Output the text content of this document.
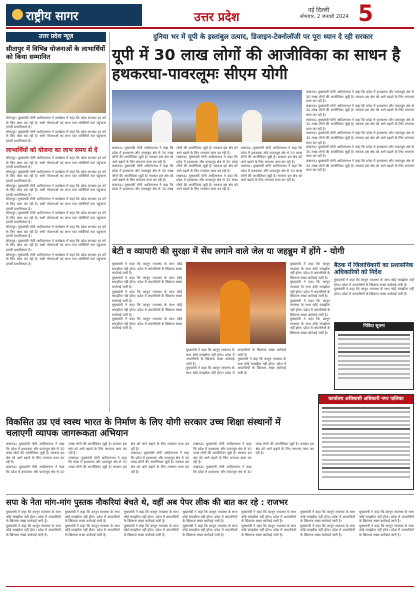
राष्ट्रीय सागर	उत्तर प्रदेश	नई दिल्ली
सोमवार, 2 जनवरी 2024 5
उत्तर प्रदेश न्यूज़
सीतापुर में विभिन्न योजनाओं के लाभार्थियों को किया सम्मानित

सीतापुर। मुख्यमंत्री योगी आदित्यनाथ ने कार्यक्रम में कहा कि प्रदेश सरकार हर वर्ग के लिए काम कर रही है। सभी योजनाओं का लाभ पात्र व्यक्तियों तक पहुंचाना हमारी प्राथमिकता है।

सीतापुर। मुख्यमंत्री योगी आदित्यनाथ ने कार्यक्रम में कहा कि प्रदेश सरकार हर वर्ग के लिए काम कर रही है। सभी योजनाओं का लाभ पात्र व्यक्तियों तक पहुंचाना हमारी प्राथमिकता है।

लाभार्थियों को योजना का लाभ समय से दें

सीतापुर। मुख्यमंत्री योगी आदित्यनाथ ने कार्यक्रम में कहा कि प्रदेश सरकार हर वर्ग के लिए काम कर रही है। सभी योजनाओं का लाभ पात्र व्यक्तियों तक पहुंचाना हमारी प्राथमिकता है।

सीतापुर। मुख्यमंत्री योगी आदित्यनाथ ने कार्यक्रम में कहा कि प्रदेश सरकार हर वर्ग के लिए काम कर रही है। सभी योजनाओं का लाभ पात्र व्यक्तियों तक पहुंचाना हमारी प्राथमिकता है।

सीतापुर। मुख्यमंत्री योगी आदित्यनाथ ने कार्यक्रम में कहा कि प्रदेश सरकार हर वर्ग के लिए काम कर रही है। सभी योजनाओं का लाभ पात्र व्यक्तियों तक पहुंचाना हमारी प्राथमिकता है।

सीतापुर। मुख्यमंत्री योगी आदित्यनाथ ने कार्यक्रम में कहा कि प्रदेश सरकार हर वर्ग के लिए काम कर रही है। सभी योजनाओं का लाभ पात्र व्यक्तियों तक पहुंचाना हमारी प्राथमिकता है।

सीतापुर। मुख्यमंत्री योगी आदित्यनाथ ने कार्यक्रम में कहा कि प्रदेश सरकार हर वर्ग के लिए काम कर रही है। सभी योजनाओं का लाभ पात्र व्यक्तियों तक पहुंचाना हमारी प्राथमिकता है।

सीतापुर। मुख्यमंत्री योगी आदित्यनाथ ने कार्यक्रम में कहा कि प्रदेश सरकार हर वर्ग के लिए काम कर रही है। सभी योजनाओं का लाभ पात्र व्यक्तियों तक पहुंचाना हमारी प्राथमिकता है।

सीतापुर। मुख्यमंत्री योगी आदित्यनाथ ने कार्यक्रम में कहा कि प्रदेश सरकार हर वर्ग के लिए काम कर रही है। सभी योजनाओं का लाभ पात्र व्यक्तियों तक पहुंचाना हमारी प्राथमिकता है।

सीतापुर। मुख्यमंत्री योगी आदित्यनाथ ने कार्यक्रम में कहा कि प्रदेश सरकार हर वर्ग के लिए काम कर रही है। सभी योजनाओं का लाभ पात्र व्यक्तियों तक पहुंचाना हमारी प्राथमिकता है।

दुनिया भर में यूपी के इस्तांबुल उत्पाद, डिजाइन-टेक्नोलॉजी पर पूरा ध्यान दे रही सरकार
यूपी में 30 लाख लोगों की आजीविका का साधन है हथकरघा-पावरलूमः सीएम योगी

लखनऊ। मुख्यमंत्री योगी आदित्यनाथ ने कहा कि प्रदेश में हथकरघा और पावरलूम क्षेत्र से 30 लाख लोगों की आजीविका जुड़ी है। सरकार इस क्षेत्र को आगे बढ़ाने के लिए लगातार काम कर रही है।

लखनऊ। मुख्यमंत्री योगी आदित्यनाथ ने कहा कि प्रदेश में हथकरघा और पावरलूम क्षेत्र से 30 लाख लोगों की आजीविका जुड़ी है। सरकार इस क्षेत्र को आगे बढ़ाने के लिए लगातार काम कर रही है।

लखनऊ। मुख्यमंत्री योगी आदित्यनाथ ने कहा कि प्रदेश में हथकरघा और पावरलूम क्षेत्र से 30 लाख लोगों की आजीविका जुड़ी है। सरकार इस क्षेत्र को आगे बढ़ाने के लिए लगातार काम कर रही है।

लखनऊ। मुख्यमंत्री योगी आदित्यनाथ ने कहा कि प्रदेश में हथकरघा और पावरलूम क्षेत्र से 30 लाख लोगों की आजीविका जुड़ी है। सरकार इस क्षेत्र को आगे बढ़ाने के लिए लगातार काम कर रही है।

लखनऊ। मुख्यमंत्री योगी आदित्यनाथ ने कहा कि प्रदेश में हथकरघा और पावरलूम क्षेत्र से 30 लाख लोगों की आजीविका जुड़ी है। सरकार इस क्षेत्र को आगे बढ़ाने के लिए लगातार काम कर रही है।

लखनऊ। मुख्यमंत्री योगी आदित्यनाथ ने कहा कि प्रदेश में हथकरघा और पावरलूम क्षेत्र से 30 लाख लोगों की आजीविका जुड़ी है। सरकार इस क्षेत्र को आगे बढ़ाने के लिए लगातार काम कर रही है।

लखनऊ। मुख्यमंत्री योगी आदित्यनाथ ने कहा कि प्रदेश में हथकरघा और पावरलूम क्षेत्र से 30 लाख लोगों की आजीविका जुड़ी है। सरकार इस क्षेत्र को आगे बढ़ाने के लिए लगातार काम कर रही है।

लखनऊ। मुख्यमंत्री योगी आदित्यनाथ ने कहा कि प्रदेश में हथकरघा और पावरलूम क्षेत्र से 30 लाख लोगों की आजीविका जुड़ी है। सरकार इस क्षेत्र को आगे बढ़ाने के लिए लगातार काम कर रही है।

लखनऊ। मुख्यमंत्री योगी आदित्यनाथ ने कहा कि प्रदेश में हथकरघा और पावरलूम क्षेत्र से 30 लाख लोगों की आजीविका जुड़ी है। सरकार इस क्षेत्र को आगे बढ़ाने के लिए लगातार काम कर रही है।

लखनऊ। मुख्यमंत्री योगी आदित्यनाथ ने कहा कि प्रदेश में हथकरघा और पावरलूम क्षेत्र से 30 लाख लोगों की आजीविका जुड़ी है। सरकार इस क्षेत्र को आगे बढ़ाने के लिए लगातार काम कर रही है।

लखनऊ। मुख्यमंत्री योगी आदित्यनाथ ने कहा कि प्रदेश में हथकरघा और पावरलूम क्षेत्र से 30 लाख लोगों की आजीविका जुड़ी है। सरकार इस क्षेत्र को आगे बढ़ाने के लिए लगातार काम कर रही है।

लखनऊ। मुख्यमंत्री योगी आदित्यनाथ ने कहा कि प्रदेश में हथकरघा और पावरलूम क्षेत्र से 30 लाख लोगों की आजीविका जुड़ी है। सरकार इस क्षेत्र को आगे बढ़ाने के लिए लगातार काम कर रही है।

लखनऊ। मुख्यमंत्री योगी आदित्यनाथ ने कहा कि प्रदेश में हथकरघा और पावरलूम क्षेत्र से 30 लाख लोगों की आजीविका जुड़ी है। सरकार इस क्षेत्र को आगे बढ़ाने के लिए लगातार काम कर रही है।

बेटी व व्यापारी की सुरक्षा में सेंध लगाने वाले जेल या जहन्नुम में होंगे - योगी

मुख्यमंत्री ने कहा कि कानून व्यवस्था के साथ कोई समझौता नहीं होगा। प्रदेश में अपराधियों के खिलाफ सख्त कार्रवाई जारी है।

मुख्यमंत्री ने कहा कि कानून व्यवस्था के साथ कोई समझौता नहीं होगा। प्रदेश में अपराधियों के खिलाफ सख्त कार्रवाई जारी है।

मुख्यमंत्री ने कहा कि कानून व्यवस्था के साथ कोई समझौता नहीं होगा। प्रदेश में अपराधियों के खिलाफ सख्त कार्रवाई जारी है।

मुख्यमंत्री ने कहा कि कानून व्यवस्था के साथ कोई समझौता नहीं होगा। प्रदेश में अपराधियों के खिलाफ सख्त कार्रवाई जारी है।

मुख्यमंत्री ने कहा कि कानून व्यवस्था के साथ कोई समझौता नहीं होगा। प्रदेश में अपराधियों के खिलाफ सख्त कार्रवाई जारी है।

मुख्यमंत्री ने कहा कि कानून व्यवस्था के साथ कोई समझौता नहीं होगा। प्रदेश में अपराधियों के खिलाफ सख्त कार्रवाई जारी है।

मुख्यमंत्री ने कहा कि कानून व्यवस्था के साथ कोई समझौता नहीं होगा। प्रदेश में अपराधियों के खिलाफ सख्त कार्रवाई जारी है।

मुख्यमंत्री ने कहा कि कानून व्यवस्था के साथ कोई समझौता नहीं होगा। प्रदेश में अपराधियों के खिलाफ सख्त कार्रवाई जारी है।

मुख्यमंत्री ने कहा कि कानून व्यवस्था के साथ कोई समझौता नहीं होगा। प्रदेश में अपराधियों के खिलाफ सख्त कार्रवाई जारी है।

मुख्यमंत्री ने कहा कि कानून व्यवस्था के साथ कोई समझौता नहीं होगा। प्रदेश में अपराधियों के खिलाफ सख्त कार्रवाई जारी है।

मुख्यमंत्री ने कहा कि कानून व्यवस्था के साथ कोई समझौता नहीं होगा। प्रदेश में अपराधियों के खिलाफ सख्त कार्रवाई जारी है।

मुख्यमंत्री ने कहा कि कानून व्यवस्था के साथ कोई समझौता नहीं होगा। प्रदेश में अपराधियों के खिलाफ सख्त कार्रवाई जारी है।

बैठक में जिलाधिकारी का प्रशासनिक अधिकारियों को निर्देश

मुख्यमंत्री ने कहा कि कानून व्यवस्था के साथ कोई समझौता नहीं होगा। प्रदेश में अपराधियों के खिलाफ सख्त कार्रवाई जारी है।

मुख्यमंत्री ने कहा कि कानून व्यवस्था के साथ कोई समझौता नहीं होगा। प्रदेश में अपराधियों के खिलाफ सख्त कार्रवाई जारी है।

निविदा सूचना
कार्यालय अधिशासी अधिकारी नगर पालिका
विकसित उप्र एवं स्वस्थ भारत के निर्माण के लिए योगी सरकार उच्च शिक्षा संस्थानों में चलाएगी व्यापक जागरूकता अभियान

लखनऊ। मुख्यमंत्री योगी आदित्यनाथ ने कहा कि प्रदेश में हथकरघा और पावरलूम क्षेत्र से 30 लाख लोगों की आजीविका जुड़ी है। सरकार इस क्षेत्र को आगे बढ़ाने के लिए लगातार काम कर रही है।

लखनऊ। मुख्यमंत्री योगी आदित्यनाथ ने कहा कि प्रदेश में हथकरघा और पावरलूम क्षेत्र से 30 लाख लोगों की आजीविका जुड़ी है। सरकार इस क्षेत्र को आगे बढ़ाने के लिए लगातार काम कर रही है।

लखनऊ। मुख्यमंत्री योगी आदित्यनाथ ने कहा कि प्रदेश में हथकरघा और पावरलूम क्षेत्र से 30 लाख लोगों की आजीविका जुड़ी है। सरकार इस क्षेत्र को आगे बढ़ाने के लिए लगातार काम कर रही है।

लखनऊ। मुख्यमंत्री योगी आदित्यनाथ ने कहा कि प्रदेश में हथकरघा और पावरलूम क्षेत्र से 30 लाख लोगों की आजीविका जुड़ी है। सरकार इस क्षेत्र को आगे बढ़ाने के लिए लगातार काम कर रही है।

लखनऊ। मुख्यमंत्री योगी आदित्यनाथ ने कहा कि प्रदेश में हथकरघा और पावरलूम क्षेत्र से 30 लाख लोगों की आजीविका जुड़ी है। सरकार इस क्षेत्र को आगे बढ़ाने के लिए लगातार काम कर रही है।

लखनऊ। मुख्यमंत्री योगी आदित्यनाथ ने कहा कि प्रदेश में हथकरघा और पावरलूम क्षेत्र से 30 लाख लोगों की आजीविका जुड़ी है। सरकार इस क्षेत्र को आगे बढ़ाने के लिए लगातार काम कर रही है।

सपा के नेता मांग-मांग पुस्तक नौकरियां बेचते थे, वहीं अब पेपर लीक की बात कर रहे : राजभर

मुख्यमंत्री ने कहा कि कानून व्यवस्था के साथ कोई समझौता नहीं होगा। प्रदेश में अपराधियों के खिलाफ सख्त कार्रवाई जारी है।

मुख्यमंत्री ने कहा कि कानून व्यवस्था के साथ कोई समझौता नहीं होगा। प्रदेश में अपराधियों के खिलाफ सख्त कार्रवाई जारी है।

मुख्यमंत्री ने कहा कि कानून व्यवस्था के साथ कोई समझौता नहीं होगा। प्रदेश में अपराधियों के खिलाफ सख्त कार्रवाई जारी है।

मुख्यमंत्री ने कहा कि कानून व्यवस्था के साथ कोई समझौता नहीं होगा। प्रदेश में अपराधियों के खिलाफ सख्त कार्रवाई जारी है।

मुख्यमंत्री ने कहा कि कानून व्यवस्था के साथ कोई समझौता नहीं होगा। प्रदेश में अपराधियों के खिलाफ सख्त कार्रवाई जारी है।

मुख्यमंत्री ने कहा कि कानून व्यवस्था के साथ कोई समझौता नहीं होगा। प्रदेश में अपराधियों के खिलाफ सख्त कार्रवाई जारी है।

मुख्यमंत्री ने कहा कि कानून व्यवस्था के साथ कोई समझौता नहीं होगा। प्रदेश में अपराधियों के खिलाफ सख्त कार्रवाई जारी है।

मुख्यमंत्री ने कहा कि कानून व्यवस्था के साथ कोई समझौता नहीं होगा। प्रदेश में अपराधियों के खिलाफ सख्त कार्रवाई जारी है।

मुख्यमंत्री ने कहा कि कानून व्यवस्था के साथ कोई समझौता नहीं होगा। प्रदेश में अपराधियों के खिलाफ सख्त कार्रवाई जारी है।

मुख्यमंत्री ने कहा कि कानून व्यवस्था के साथ कोई समझौता नहीं होगा। प्रदेश में अपराधियों के खिलाफ सख्त कार्रवाई जारी है।

मुख्यमंत्री ने कहा कि कानून व्यवस्था के साथ कोई समझौता नहीं होगा। प्रदेश में अपराधियों के खिलाफ सख्त कार्रवाई जारी है।

मुख्यमंत्री ने कहा कि कानून व्यवस्था के साथ कोई समझौता नहीं होगा। प्रदेश में अपराधियों के खिलाफ सख्त कार्रवाई जारी है।

मुख्यमंत्री ने कहा कि कानून व्यवस्था के साथ कोई समझौता नहीं होगा। प्रदेश में अपराधियों के खिलाफ सख्त कार्रवाई जारी है।

मुख्यमंत्री ने कहा कि कानून व्यवस्था के साथ कोई समझौता नहीं होगा। प्रदेश में अपराधियों के खिलाफ सख्त कार्रवाई जारी है।
